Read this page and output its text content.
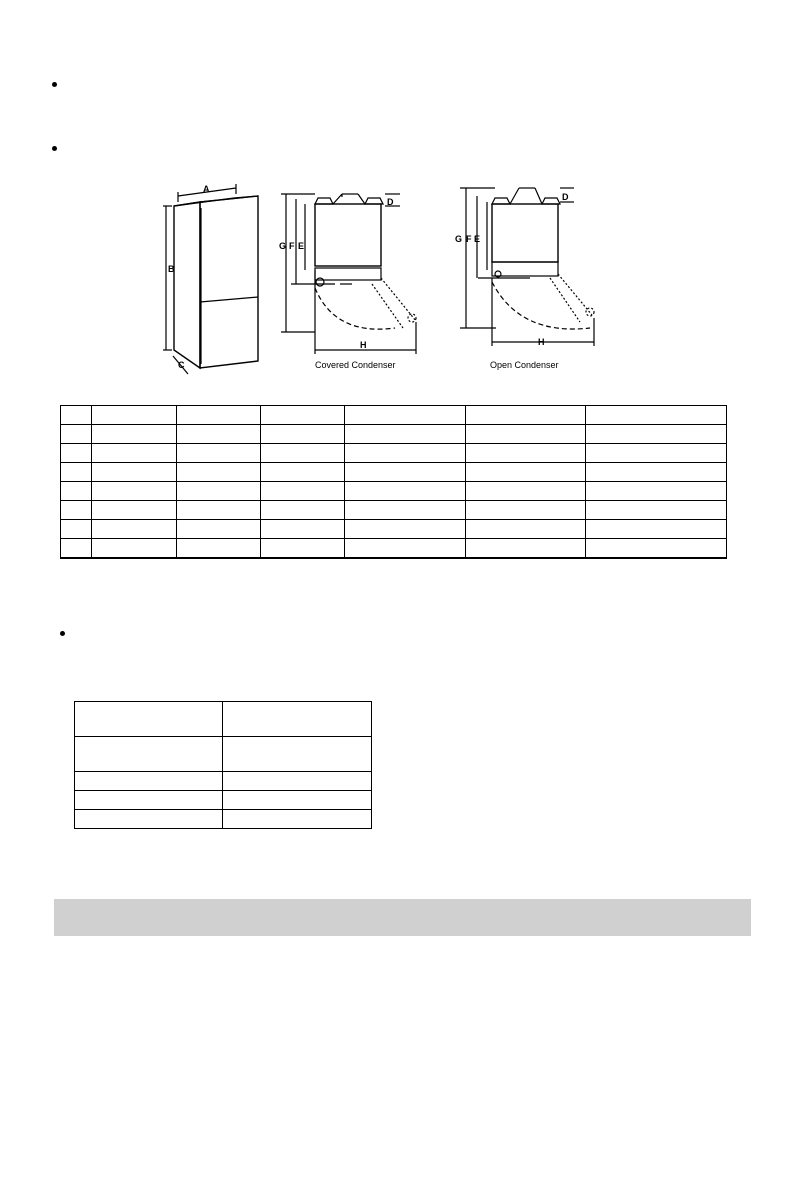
A
B
C
D
G F E
H
D
G F E
H
Covered Condenser	Open Condenser
